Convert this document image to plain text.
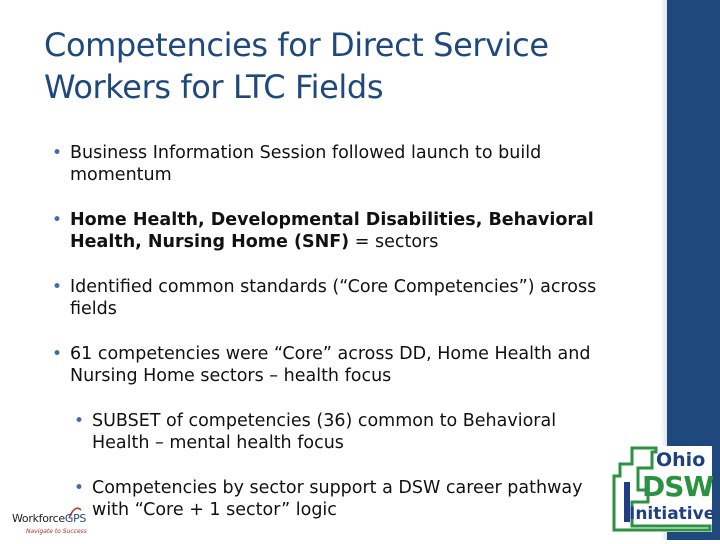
Competencies for Direct Service Workers for LTC Fields
• Business Information Session followed launch to build momentum
• Home Health, Developmental Disabilities, Behavioral Health, Nursing Home (SNF) = sectors
• Identified common standards (“Core Competencies”) across fields
• 61 competencies were “Core” across DD, Home Health and Nursing Home sectors – health focus
• SUBSET of competencies (36) common to Behavioral Health – mental health focus
• Competencies by sector support a DSW career pathway with “Core + 1 sector” logic
Ohio
DSW
Initiative
WorkforceGPS
Navigate to Success
